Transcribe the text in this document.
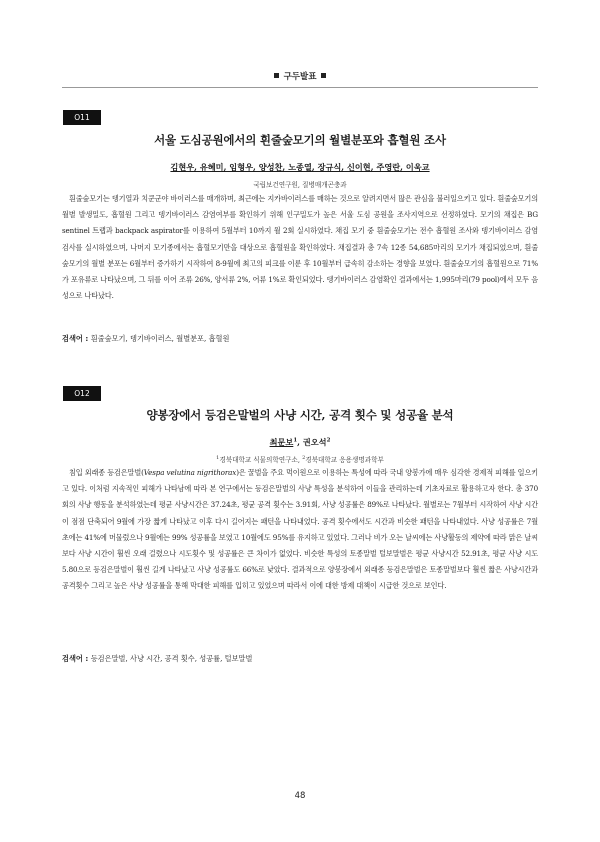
구두발표
O11
서울 도심공원에서의 흰줄숲모기의 월별분포와 흡혈원 조사
김현우, 유혜미, 임형우, 양성찬, 노종열, 장규식, 신이현, 주영란, 이욱교
국립보건연구원, 질병매개곤충과
흰줄숲모기는 뎅기열과 치쿤군야 바이러스를 매개하며, 최근에는 지카바이러스를 매하는 것으로 알려지면서 많은 관심을 불러일으키고 있다. 흰줄숲모기의 월별 발생밀도, 흡혈원 그리고 뎅기바이러스 감염여부를 확인하기 위해 인구밀도가 높은 서울 도심 공원을 조사지역으로 선정하였다. 모기의 채집은 BG sentinel 트랩과 backpack aspirator를 이용하여 5월부터 10까지 월 2회 실시하였다. 채집 모기 중 흰줄숲모기는 전수 흡혈원 조사와 뎅기바이러스 감염 검사를 실시하였으며, 나머지 모기종에서는 흡혈모기만을 대상으로 흡혈원을 확인하였다. 채집결과 총 7속 12종 54,685마리의 모기가 채집되었으며, 흰줄숲모기의 월별 분포는 6월부터 증가하기 시작하여 8-9월에 최고의 피크를 이룬 후 10월부터 급속히 감소하는 경향을 보였다. 흰줄숲모기의 흡혈원으로 71%가 포유류로 나타났으며, 그 뒤를 이어 조류 26%, 양서류 2%, 어류 1%로 확인되었다. 뎅기바이러스 감염확인 결과에서는 1,995마리(79 pool)에서 모두 음성으로 나타났다.
검색어 : 흰줄숲모기, 뎅기바이러스, 월별분포, 흡혈원
O12
양봉장에서 등검은말벌의 사냥 시간, 공격 횟수 및 성공율 분석
최문보$^1$, 권오석$^2$
$^1$경북대학교 식물의학연구소, $^2$경북대학교 응용생명과학부
침입 외래종 등검은말벌(Vespa velutina nigrithorax)은 꿀벌을 주요 먹이원으로 이용하는 특성에 따라 국내 양봉가에 매우 심각한 경제적 피해를 일으키고 있다. 이처럼 지속적인 피해가 나타남에 따라 본 연구에서는 등검은말벌의 사냥 특성을 분석하여 이들을 관리하는데 기초자료로 활용하고자 한다. 총 370회의 사냥 행동을 분석하였는데 평균 사냥시간은 37.24초, 평균 공격 횟수는 3.91회, 사냥 성공률은 89%로 나타났다. 월별로는 7월부터 시작하여 사냥 시간이 점점 단축되어 9월에 가장 짧게 나타났고 이후 다시 길어지는 패턴을 나타내었다. 공격 횟수에서도 시간과 비슷한 패턴을 나타내었다. 사냥 성공률은 7월 초에는 41%에 머물렀으나 9월에는 99% 성공률을 보였고 10월에도 95%를 유지하고 있었다. 그러나 비가 오는 날씨에는 사냥활동의 제약에 따라 맑은 날씨보다 사냥 시간이 훨씬 오래 걸렸으나 시도횟수 및 성공률은 큰 차이가 없었다. 비슷한 특성의 토종말벌 털보말벌은 평균 사냥시간 52.91초, 평균 사냥 시도 5.80으로 등검은말벌이 훨씬 길게 나타났고 사냥 성공률도 66%로 낮았다. 결과적으로 양봉장에서 외래종 등검은말벌은 토종말벌보다 훨씬 짧은 사냥시간과 공격횟수 그리고 높은 사냥 성공률을 통해 막대한 피해를 입히고 있었으며 따라서 이에 대한 방제 대책이 시급한 것으로 보인다.
검색어 : 등검은말벌, 사냥 시간, 공격 횟수, 성공률, 털보말벌
48
